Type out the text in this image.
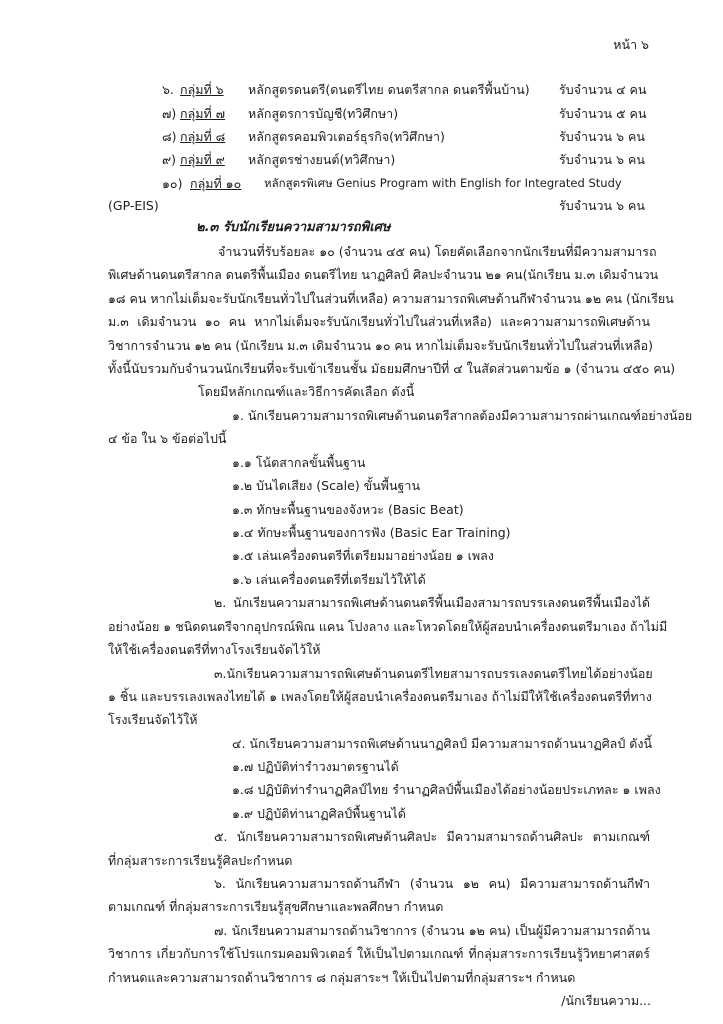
หน้า ๖

๖. กลุ่มที่ ๖ หลักสูตรดนตรี(ดนตรีไทย ดนตรีสากล ดนตรีพื้นบ้าน) รับจำนวน ๔ คน
๗) กลุ่มที่ ๗ หลักสูตรการบัญชี(ทวิศึกษา)	รับจำนวน ๕ คน
๘) กลุ่มที่ ๘ หลักสูตรคอมพิวเตอร์ธุรกิจ(ทวิศึกษา)	รับจำนวน ๖ คน
๙) กลุ่มที่ ๙ หลักสูตรช่างยนต์(ทวิศึกษา)	รับจำนวน ๖ คน
๑๐) กลุ่มที่ ๑๐ หลักสูตรพิเศษ Genius Program with English for Integrated Study
(GP-EIS)	รับจำนวน ๖ คน

๒.๓ รับนักเรียนความสามารถพิเศษ

จำนวนที่รับร้อยละ ๑๐ (จำนวน ๔๕ คน) โดยคัดเลือกจากนักเรียนที่มีความสามารถ

พิเศษด้านดนตรีสากล ดนตรีพื้นเมือง ดนตรีไทย นาฏศิลป์ ศิลปะจำนวน ๒๑ คน(นักเรียน ม.๓ เดิมจำนวน

๑๘ คน หากไม่เต็มจะรับนักเรียนทั่วไปในส่วนที่เหลือ) ความสามารถพิเศษด้านกีฬาจำนวน ๑๒ คน (นักเรียน

ม.๓ เดิมจำนวน ๑๐ คน หากไม่เต็มจะรับนักเรียนทั่วไปในส่วนที่เหลือ) และความสามารถพิเศษด้าน

วิชาการจำนวน ๑๒ คน (นักเรียน ม.๓ เดิมจำนวน ๑๐ คน หากไม่เต็มจะรับนักเรียนทั่วไปในส่วนที่เหลือ)

ทั้งนี้นับรวมกับจำนวนนักเรียนที่จะรับเข้าเรียนชั้น มัธยมศึกษาปีที่ ๔ ในสัดส่วนตามข้อ ๑ (จำนวน ๔๕๐ คน)

โดยมีหลักเกณฑ์และวิธีการคัดเลือก ดังนี้

๑. นักเรียนความสามารถพิเศษด้านดนตรีสากลต้องมีความสามารถผ่านเกณฑ์อย่างน้อย

๔ ข้อ ใน ๖ ข้อต่อไปนี้

๑.๑ โน้ตสากลขั้นพื้นฐาน

๑.๒ บันไดเสียง (Scale) ขั้นพื้นฐาน

๑.๓ ทักษะพื้นฐานของจังหวะ (Basic Beat)

๑.๔ ทักษะพื้นฐานของการฟัง (Basic Ear Training)

๑.๕ เล่นเครื่องดนตรีที่เตรียมมาอย่างน้อย ๑ เพลง

๑.๖ เล่นเครื่องดนตรีที่เตรียมไว้ให้ได้

๒. นักเรียนความสามารถพิเศษด้านดนตรีพื้นเมืองสามารถบรรเลงดนตรีพื้นเมืองได้

อย่างน้อย ๑ ชนิดดนตรีจากอุปกรณ์พิณ แคน โปงลาง และโหวดโดยให้ผู้สอบนำเครื่องดนตรีมาเอง ถ้าไม่มี

ให้ใช้เครื่องดนตรีที่ทางโรงเรียนจัดไว้ให้

๓.นักเรียนความสามารถพิเศษด้านดนตรีไทยสามารถบรรเลงดนตรีไทยได้อย่างน้อย

๑ ชิ้น และบรรเลงเพลงไทยได้ ๑ เพลงโดยให้ผู้สอบนำเครื่องดนตรีมาเอง ถ้าไม่มีให้ใช้เครื่องดนตรีที่ทาง

โรงเรียนจัดไว้ให้

๔. นักเรียนความสามารถพิเศษด้านนาฏศิลป์ มีความสามารถด้านนาฏศิลป์ ดังนี้

๑.๗ ปฏิบัติท่ารำวงมาตรฐานได้

๑.๘ ปฏิบัติท่ารำนาฏศิลป์ไทย รำนาฏศิลป์พื้นเมืองได้อย่างน้อยประเภทละ ๑ เพลง

๑.๙ ปฏิบัติท่านาฏศิลป์พื้นฐานได้

๕. นักเรียนความสามารถพิเศษด้านศิลปะ มีความสามารถด้านศิลปะ ตามเกณฑ์

ที่กลุ่มสาระการเรียนรู้ศิลปะกำหนด

๖. นักเรียนความสามารถด้านกีฬา (จำนวน ๑๒ คน) มีความสามารถด้านกีฬา

ตามเกณฑ์ ที่กลุ่มสาระการเรียนรู้สุขศึกษาและพลศึกษา กำหนด

๗. นักเรียนความสามารถด้านวิชาการ (จำนวน ๑๒ คน) เป็นผู้มีความสามารถด้าน

วิชาการ เกี่ยวกับการใช้โปรแกรมคอมพิวเตอร์ ให้เป็นไปตามเกณฑ์ ที่กลุ่มสาระการเรียนรู้วิทยาศาสตร์

กำหนดและความสามารถด้านวิชาการ ๘ กลุ่มสาระฯ ให้เป็นไปตามที่กลุ่มสาระฯ กำหนด

/นักเรียนความ...
